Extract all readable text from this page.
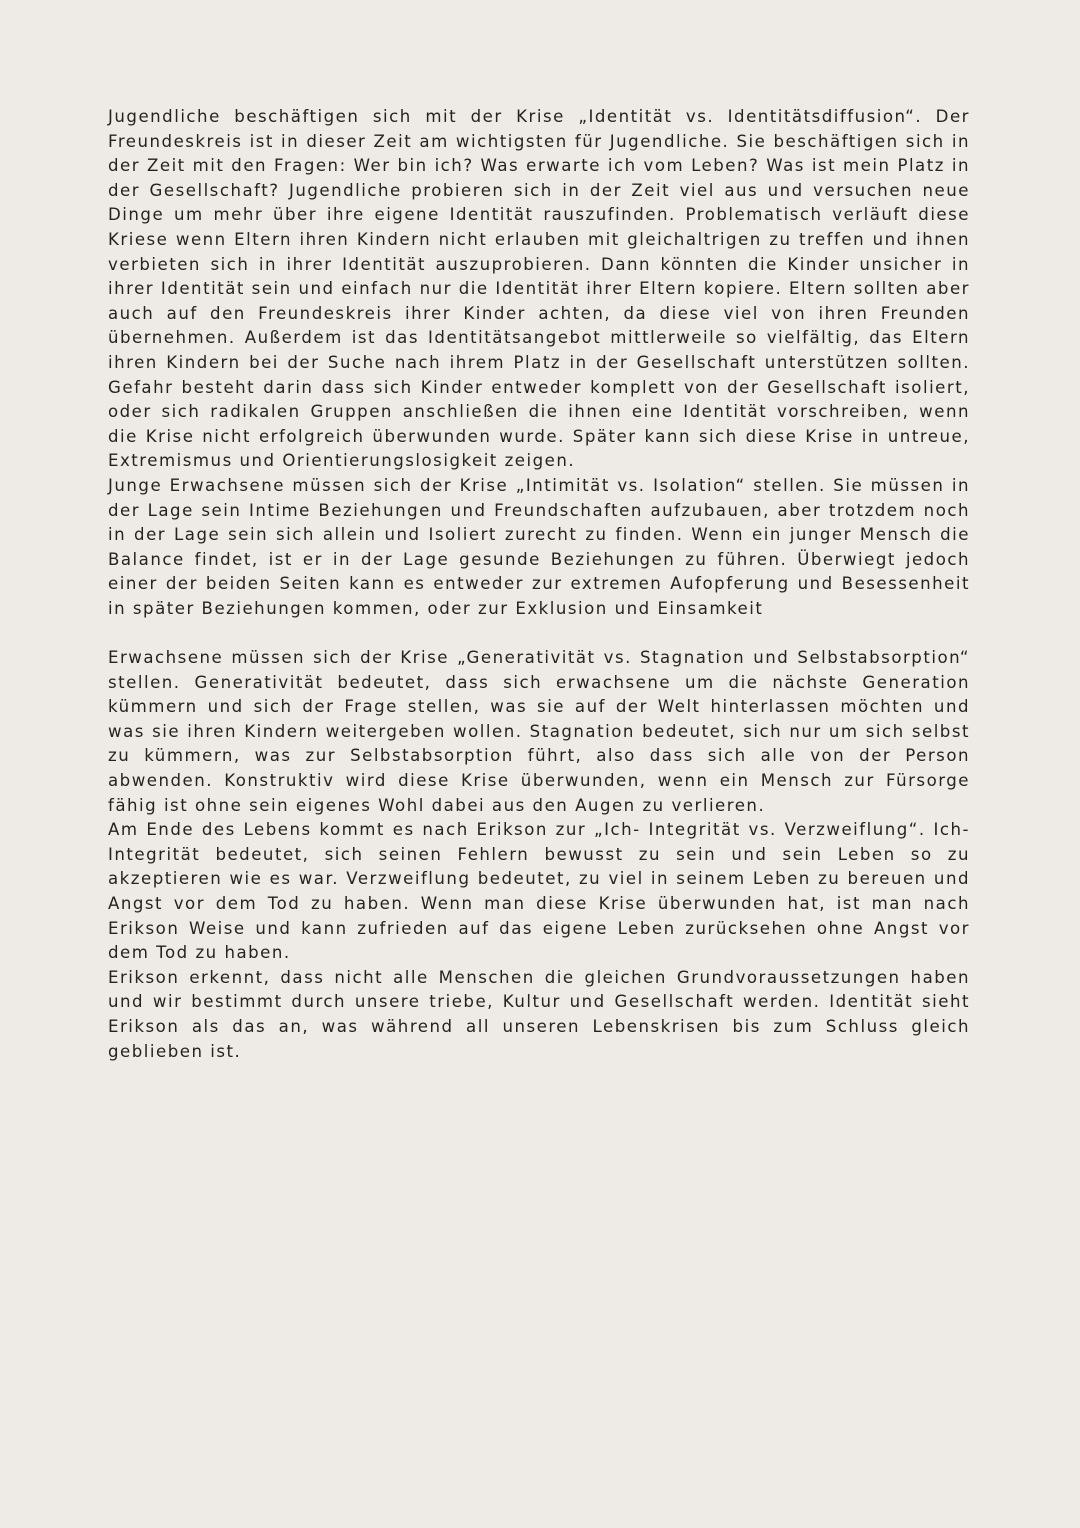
Jugendliche beschäftigen sich mit der Krise „Identität vs. Identitätsdiffusion“. Der Freundeskreis ist in dieser Zeit am wichtigsten für Jugendliche. Sie beschäftigen sich in der Zeit mit den Fragen: Wer bin ich? Was erwarte ich vom Leben? Was ist mein Platz in der Gesellschaft? Jugendliche probieren sich in der Zeit viel aus und versuchen neue Dinge um mehr über ihre eigene Identität rauszufinden. Problematisch verläuft diese Kriese wenn Eltern ihren Kindern nicht erlauben mit gleichaltrigen zu treffen und ihnen verbieten sich in ihrer Identität auszuprobieren. Dann könnten die Kinder unsicher in ihrer Identität sein und einfach nur die Identität ihrer Eltern kopiere. Eltern sollten aber auch auf den Freundeskreis ihrer Kinder achten, da diese viel von ihren Freunden übernehmen. Außerdem ist das Identitätsangebot mittlerweile so vielfältig, das Eltern ihren Kindern bei der Suche nach ihrem Platz in der Gesellschaft unterstützen sollten. Gefahr besteht darin dass sich Kinder entweder komplett von der Gesellschaft isoliert, oder sich radikalen Gruppen anschließen die ihnen eine Identität vorschreiben, wenn die Krise nicht erfolgreich überwunden wurde. Später kann sich diese Krise in untreue, Extremismus und Orientierungslosigkeit zeigen.

Junge Erwachsene müssen sich der Krise „Intimität vs. Isolation“ stellen. Sie müssen in der Lage sein Intime Beziehungen und Freundschaften aufzubauen, aber trotzdem noch in der Lage sein sich allein und Isoliert zurecht zu finden. Wenn ein junger Mensch die Balance findet, ist er in der Lage gesunde Beziehungen zu führen. Überwiegt jedoch einer der beiden Seiten kann es entweder zur extremen Aufopferung und Besessenheit in später Beziehungen kommen, oder zur Exklusion und Einsamkeit

Erwachsene müssen sich der Krise „Generativität vs. Stagnation und Selbstabsorption“ stellen. Generativität bedeutet, dass sich erwachsene um die nächste Generation kümmern und sich der Frage stellen, was sie auf der Welt hinterlassen möchten und was sie ihren Kindern weitergeben wollen. Stagnation bedeutet, sich nur um sich selbst zu kümmern, was zur Selbstabsorption führt, also dass sich alle von der Person abwenden. Konstruktiv wird diese Krise überwunden, wenn ein Mensch zur Fürsorge fähig ist ohne sein eigenes Wohl dabei aus den Augen zu verlieren.

Am Ende des Lebens kommt es nach Erikson zur „Ich- Integrität vs. Verzweiflung“. Ich- Integrität bedeutet, sich seinen Fehlern bewusst zu sein und sein Leben so zu akzeptieren wie es war. Verzweiflung bedeutet, zu viel in seinem Leben zu bereuen und Angst vor dem Tod zu haben. Wenn man diese Krise überwunden hat, ist man nach Erikson Weise und kann zufrieden auf das eigene Leben zurücksehen ohne Angst vor dem Tod zu haben.

Erikson erkennt, dass nicht alle Menschen die gleichen Grundvoraussetzungen haben und wir bestimmt durch unsere triebe, Kultur und Gesellschaft werden. Identität sieht Erikson als das an, was während all unseren Lebenskrisen bis zum Schluss gleich geblieben ist.
